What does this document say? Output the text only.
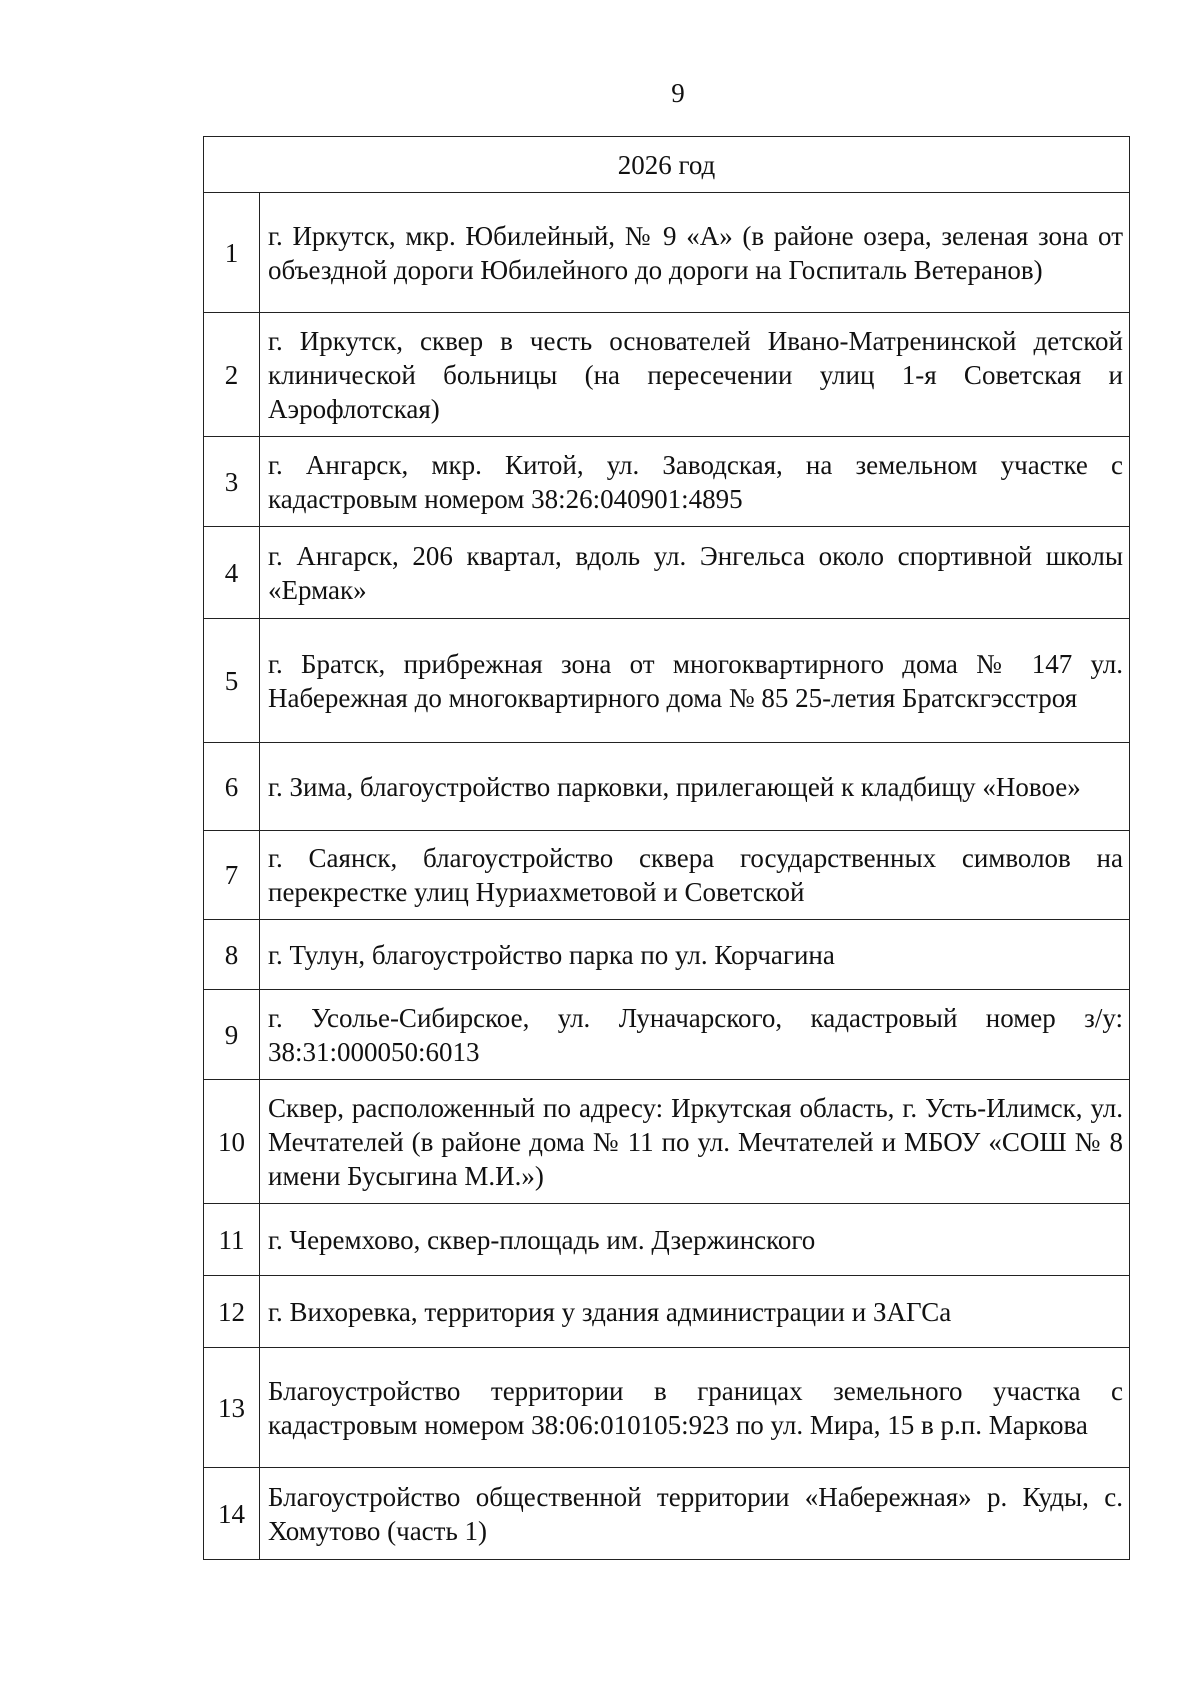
9
2026 год	
1	г. Иркутск, мкр. Юбилейный, № 9 «А» (в районе озера, зеленая зона от объездной дороги Юбилейного до дороги на Госпиталь Ветеранов)
2	г. Иркутск, сквер в честь основателей Ивано-Матренинской детской клинической больницы (на пересечении улиц 1-я Советская и Аэрофлотская)
3	г. Ангарск, мкр. Китой, ул. Заводская, на земельном участке с кадастровым номером 38:26:040901:4895
4	г. Ангарск, 206 квартал, вдоль ул. Энгельса около спортивной школы «Ермак»
5	г. Братск, прибрежная зона от многоквартирного дома № 147 ул. Набережная до многоквартирного дома № 85 25-летия Братскгэсстроя
6	г. Зима, благоустройство парковки, прилегающей к кладбищу «Новое»
7	г. Саянск, благоустройство сквера государственных символов на перекрестке улиц Нуриахметовой и Советской
8	г. Тулун, благоустройство парка по ул. Корчагина
9	г. Усолье-Сибирское, ул. Луначарского, кадастровый номер з/у: 38:31:000050:6013
10	Сквер, расположенный по адресу: Иркутская область, г. Усть-Илимск, ул. Мечтателей (в районе дома № 11 по ул. Мечтателей и МБОУ «СОШ № 8 имени Бусыгина М.И.»)
11	г. Черемхово, сквер-площадь им. Дзержинского
12	г. Вихоревка, территория у здания администрации и ЗАГСа
13	Благоустройство территории в границах земельного участка с кадастровым номером 38:06:010105:923 по ул. Мира, 15 в р.п. Маркова
14	Благоустройство общественной территории «Набережная» р. Куды, с. Хомутово (часть 1)
